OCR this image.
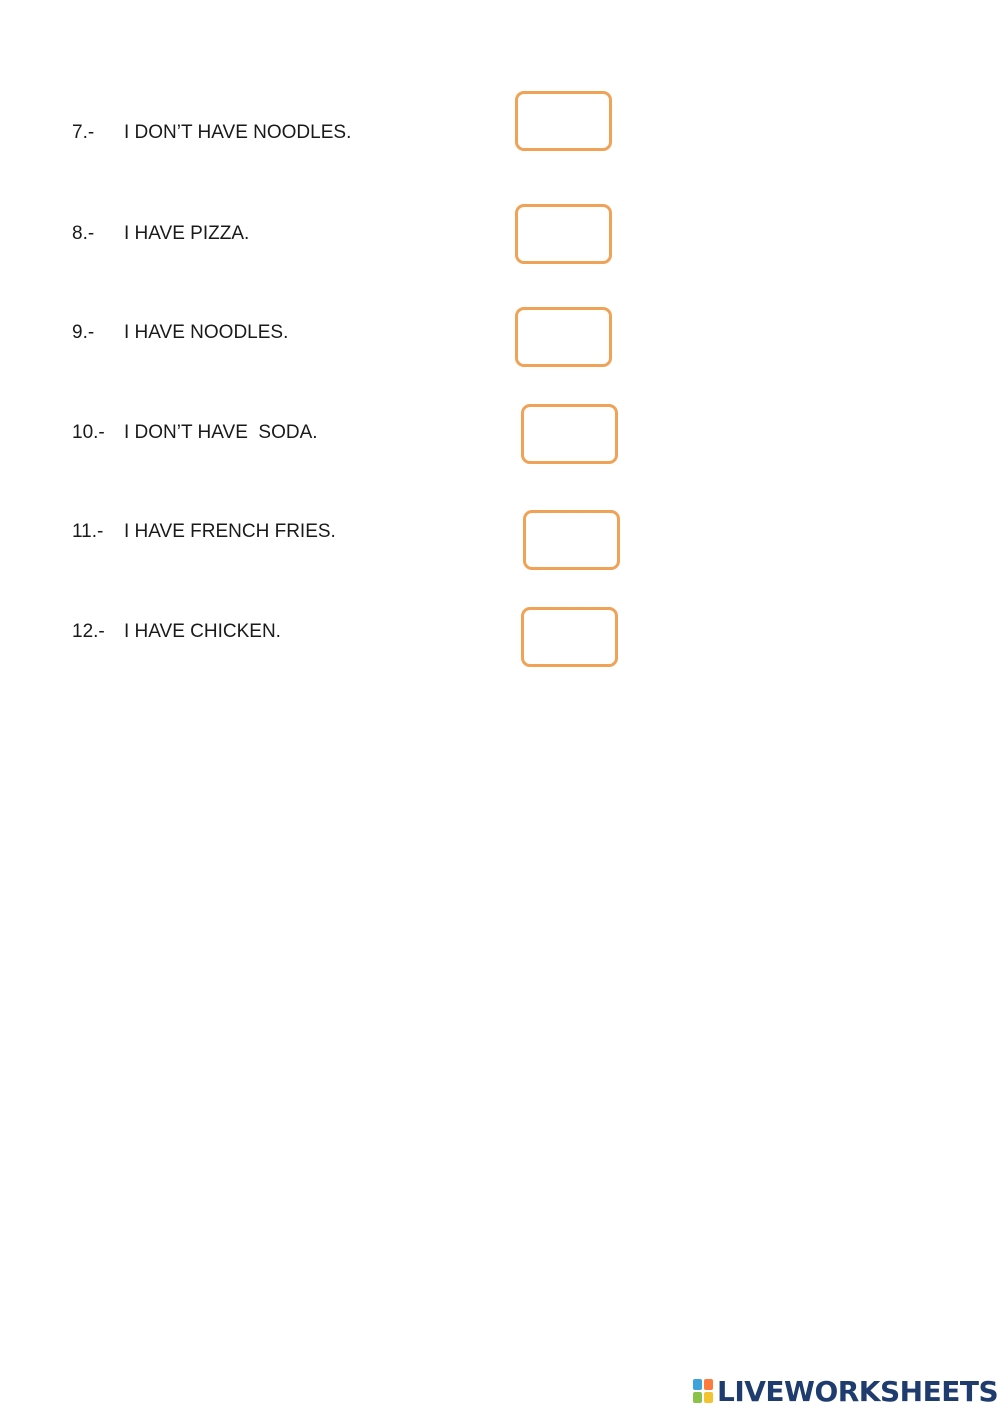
7.- I DON’T HAVE NOODLES.
8.- I HAVE PIZZA.
9.- I HAVE NOODLES.
10.- I DON’T HAVE  SODA.
11.- I HAVE FRENCH FRIES.
12.- I HAVE CHICKEN.
LIVEWORKSHEETS
